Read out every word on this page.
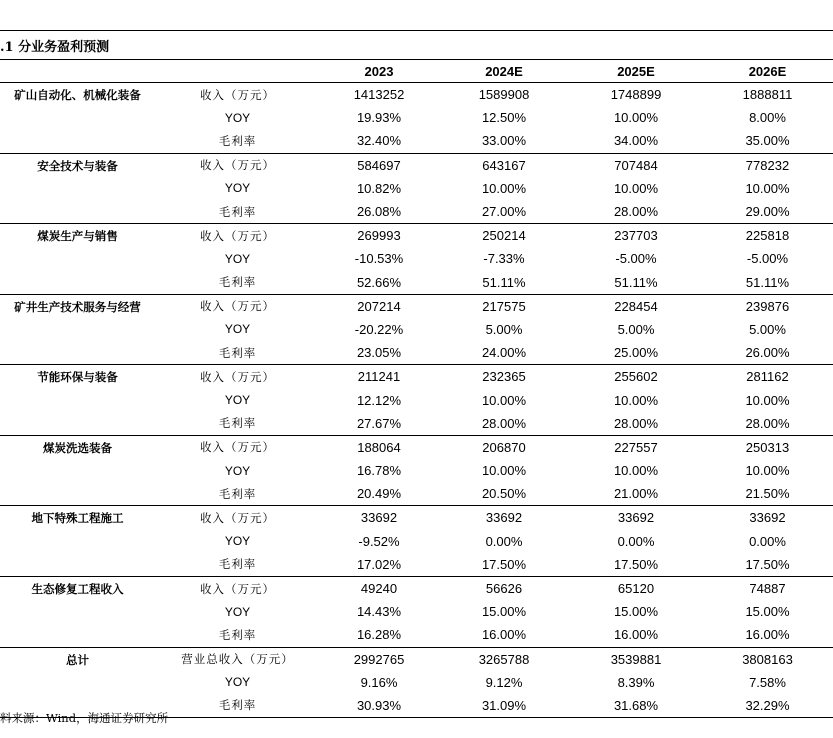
.1 分业务盈利预测
		2023	2024E	2025E	2026E
矿山自动化、机械化装备	收入（万元）	1413252	1589908	1748899	1888811
	YOY	19.93%	12.50%	10.00%	8.00%
	毛利率	32.40%	33.00%	34.00%	35.00%
安全技术与装备	收入（万元）	584697	643167	707484	778232
	YOY	10.82%	10.00%	10.00%	10.00%
	毛利率	26.08%	27.00%	28.00%	29.00%
煤炭生产与销售	收入（万元）	269993	250214	237703	225818
	YOY	-10.53%	-7.33%	-5.00%	-5.00%
	毛利率	52.66%	51.11%	51.11%	51.11%
矿井生产技术服务与经营	收入（万元）	207214	217575	228454	239876
	YOY	-20.22%	5.00%	5.00%	5.00%
	毛利率	23.05%	24.00%	25.00%	26.00%
节能环保与装备	收入（万元）	211241	232365	255602	281162
	YOY	12.12%	10.00%	10.00%	10.00%
	毛利率	27.67%	28.00%	28.00%	28.00%
煤炭洗选装备	收入（万元）	188064	206870	227557	250313
	YOY	16.78%	10.00%	10.00%	10.00%
	毛利率	20.49%	20.50%	21.00%	21.50%
地下特殊工程施工	收入（万元）	33692	33692	33692	33692
	YOY	-9.52%	0.00%	0.00%	0.00%
	毛利率	17.02%	17.50%	17.50%	17.50%
生态修复工程收入	收入（万元）	49240	56626	65120	74887
	YOY	14.43%	15.00%	15.00%	15.00%
	毛利率	16.28%	16.00%	16.00%	16.00%
总计	营业总收入（万元）	2992765	3265788	3539881	3808163
	YOY	9.16%	9.12%	8.39%	7.58%
	毛利率	30.93%	31.09%	31.68%	32.29%
料来源：Wind，海通证券研究所
